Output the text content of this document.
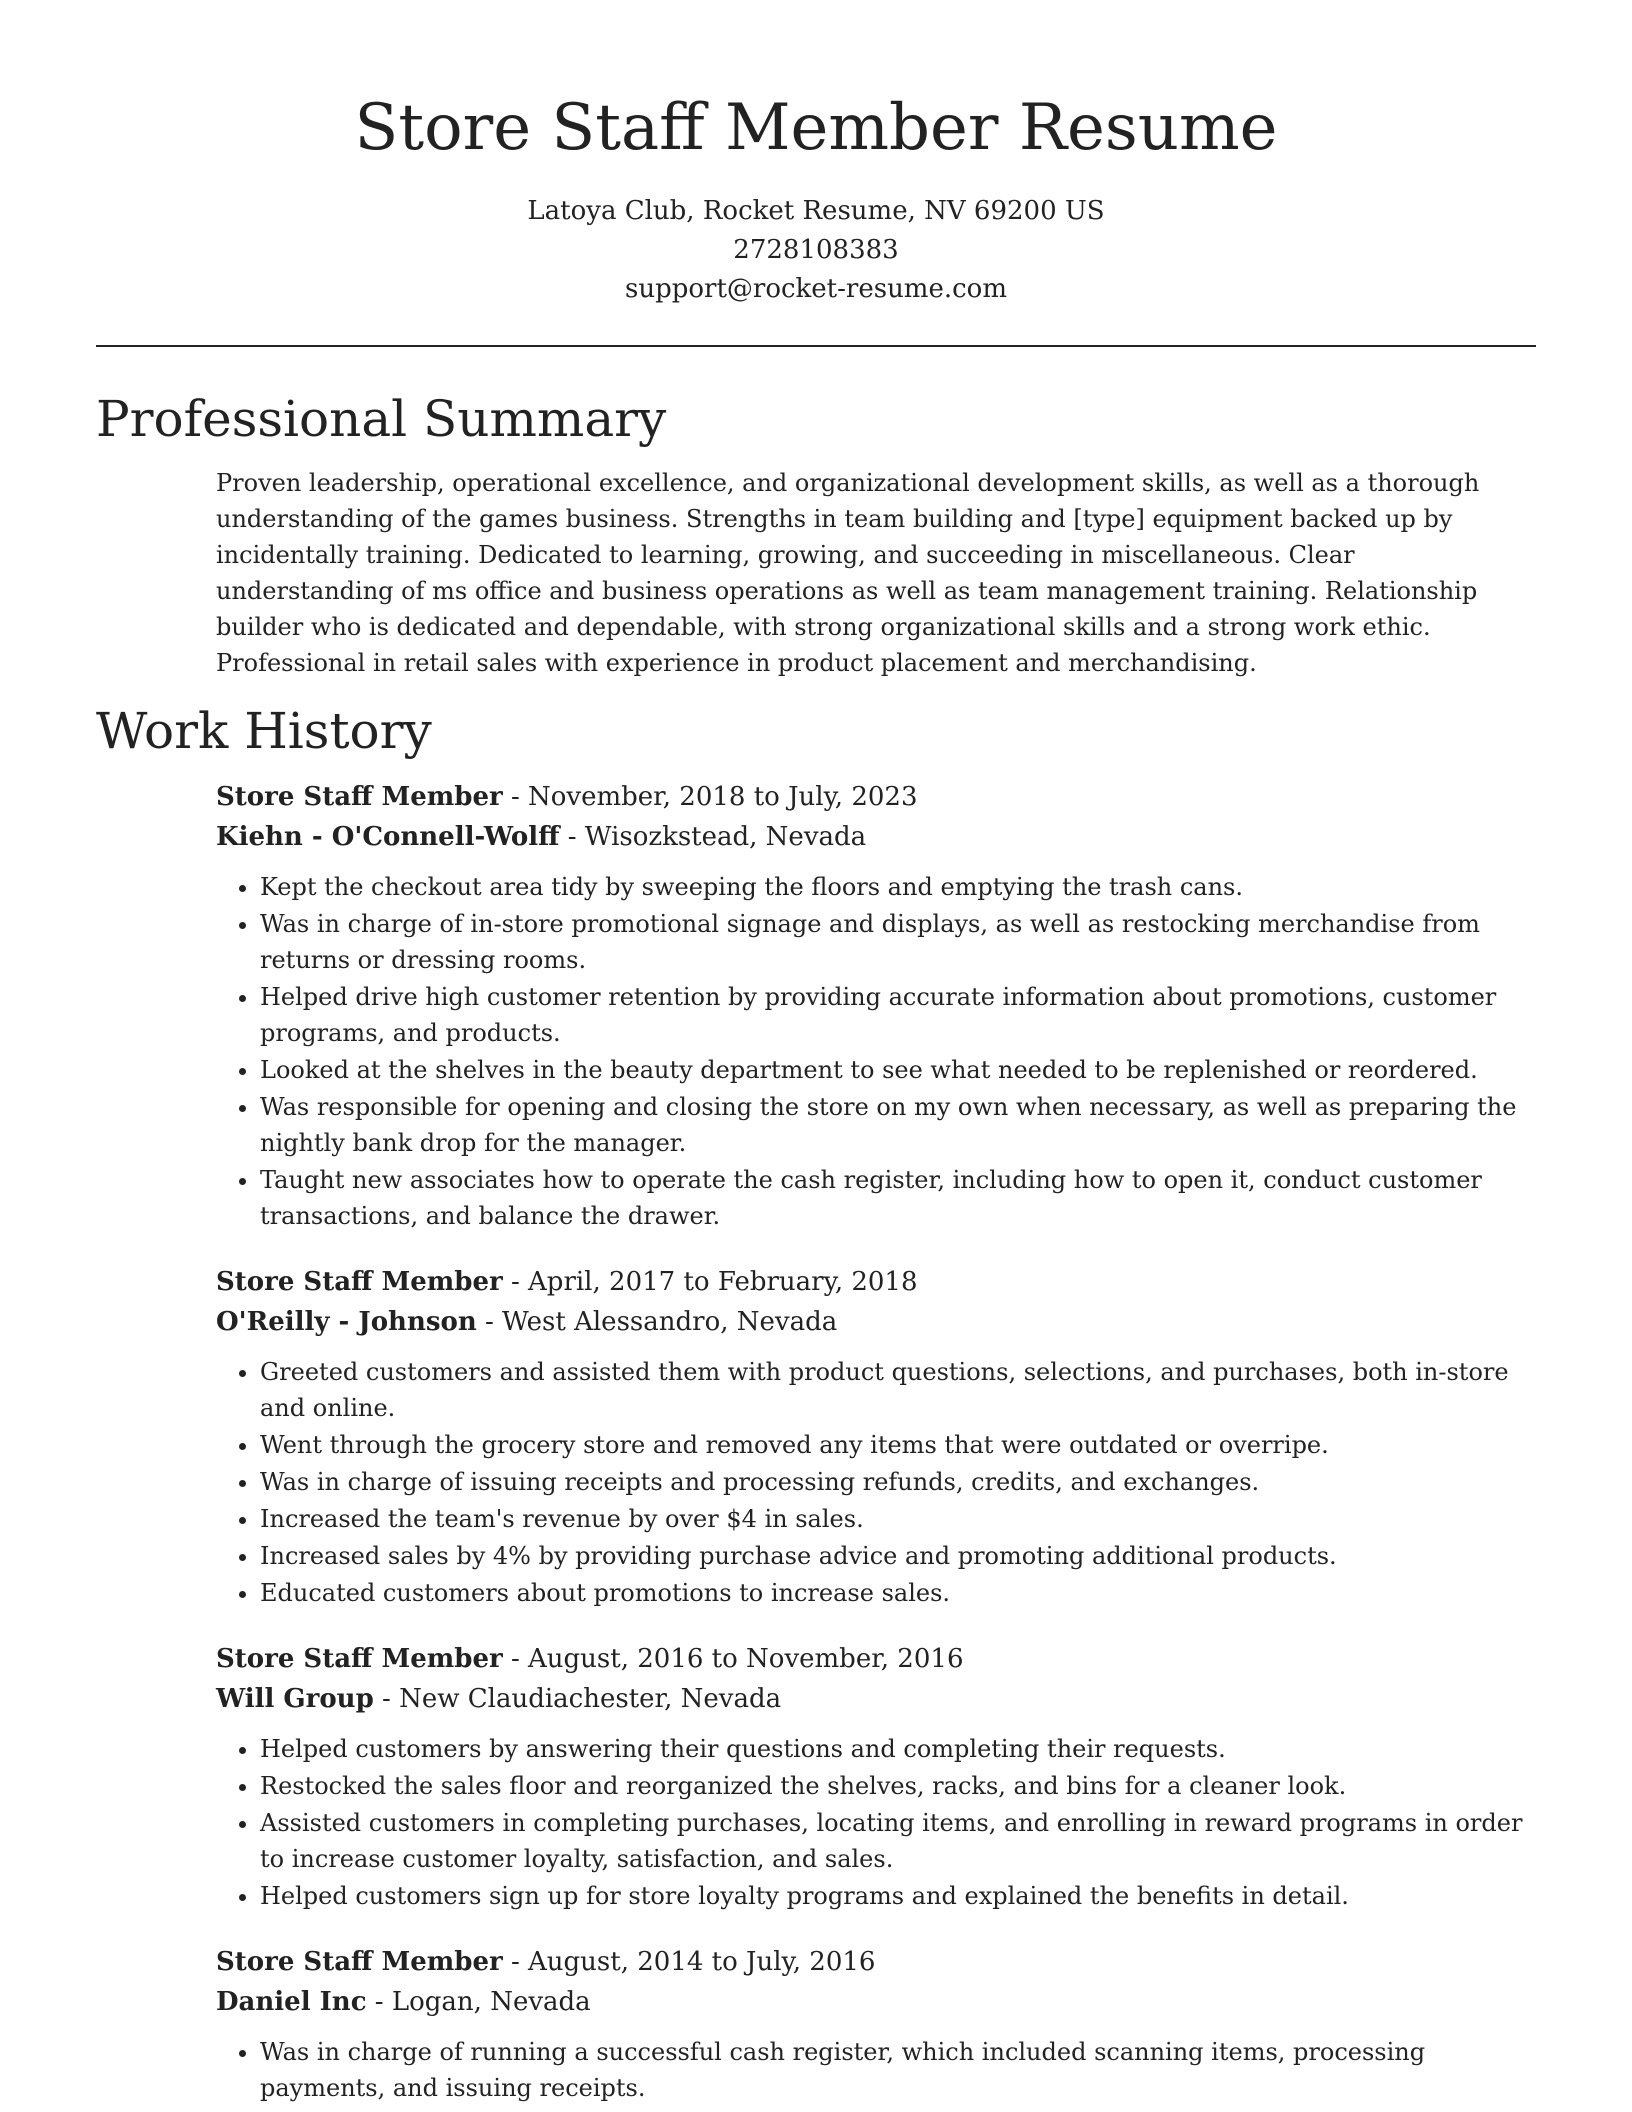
Store Staff Member Resume
Latoya Club, Rocket Resume, NV 69200 US
2728108383
support@rocket-resume.com
Professional Summary

Proven leadership, operational excellence, and organizational development skills, as well as a thorough understanding of the games business. Strengths in team building and [type] equipment backed up by incidentally training. Dedicated to learning, growing, and succeeding in miscellaneous. Clear understanding of ms office and business operations as well as team management training. Relationship builder who is dedicated and dependable, with strong organizational skills and a strong work ethic. Professional in retail sales with experience in product placement and merchandising.

Work History
Store Staff Member - November, 2018 to July, 2023
Kiehn - O'Connell-Wolff - Wisozkstead, Nevada
• Kept the checkout area tidy by sweeping the floors and emptying the trash cans.
• Was in charge of in-store promotional signage and displays, as well as restocking merchandise from returns or dressing rooms.
• Helped drive high customer retention by providing accurate information about promotions, customer programs, and products.
• Looked at the shelves in the beauty department to see what needed to be replenished or reordered.
• Was responsible for opening and closing the store on my own when necessary, as well as preparing the nightly bank drop for the manager.
• Taught new associates how to operate the cash register, including how to open it, conduct customer transactions, and balance the drawer.
Store Staff Member - April, 2017 to February, 2018
O'Reilly - Johnson - West Alessandro, Nevada
• Greeted customers and assisted them with product questions, selections, and purchases, both in-store and online.
• Went through the grocery store and removed any items that were outdated or overripe.
• Was in charge of issuing receipts and processing refunds, credits, and exchanges.
• Increased the team's revenue by over $4 in sales.
• Increased sales by 4% by providing purchase advice and promoting additional products.
• Educated customers about promotions to increase sales.
Store Staff Member - August, 2016 to November, 2016
Will Group - New Claudiachester, Nevada
• Helped customers by answering their questions and completing their requests.
• Restocked the sales floor and reorganized the shelves, racks, and bins for a cleaner look.
• Assisted customers in completing purchases, locating items, and enrolling in reward programs in order to increase customer loyalty, satisfaction, and sales.
• Helped customers sign up for store loyalty programs and explained the benefits in detail.
Store Staff Member - August, 2014 to July, 2016
Daniel Inc - Logan, Nevada
• Was in charge of running a successful cash register, which included scanning items, processing payments, and issuing receipts.
